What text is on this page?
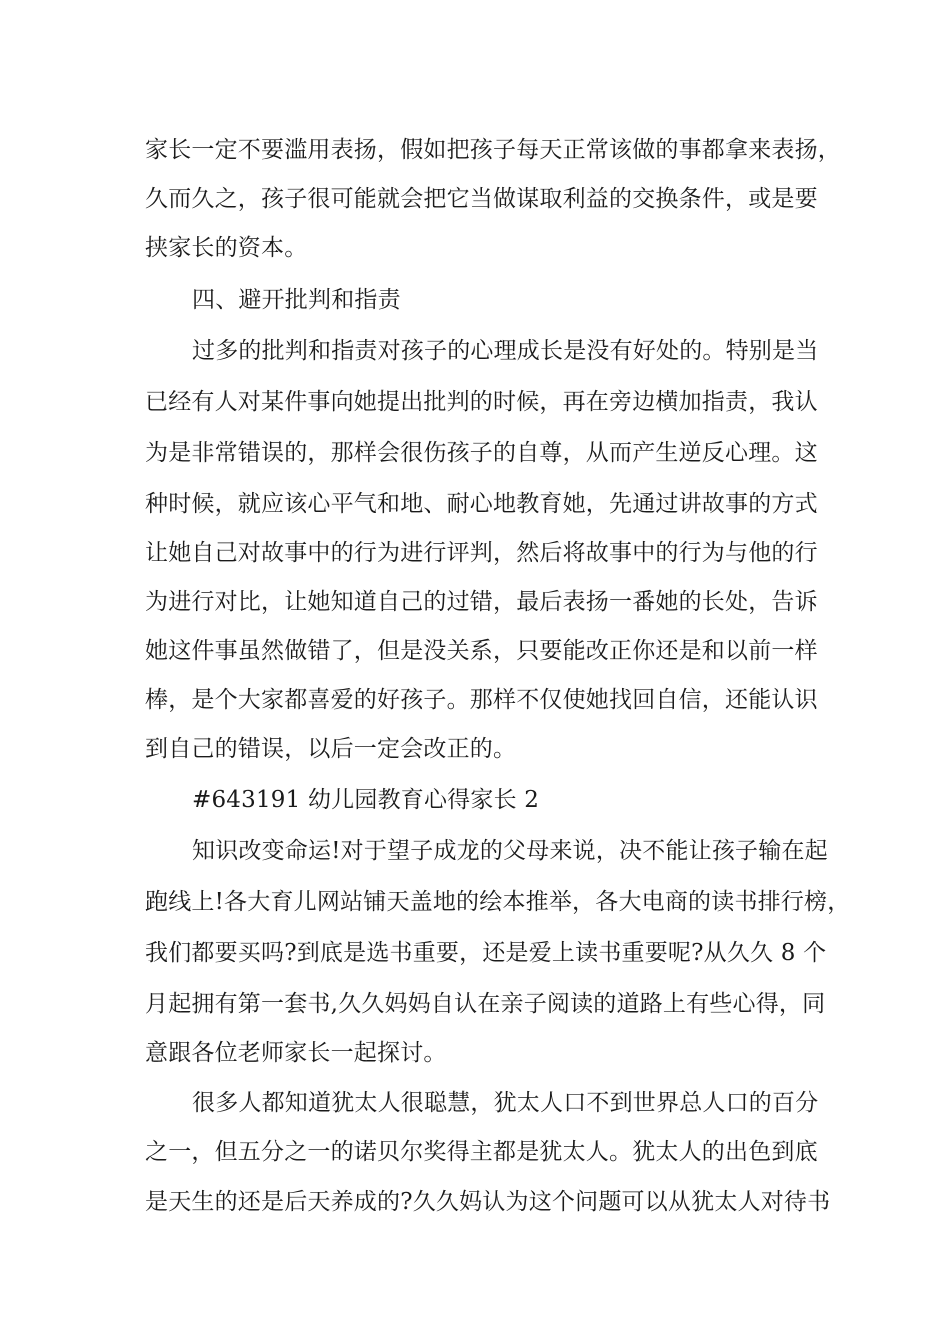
家长一定不要滥用表扬，假如把孩子每天正常该做的事都拿来表扬，
久而久之，孩子很可能就会把它当做谋取利益的交换条件，或是要
挟家长的资本。
四、避开批判和指责
过多的批判和指责对孩子的心理成长是没有好处的。特别是当
已经有人对某件事向她提出批判的时候，再在旁边横加指责，我认
为是非常错误的，那样会很伤孩子的自尊，从而产生逆反心理。这
种时候，就应该心平气和地、耐心地教育她，先通过讲故事的方式
让她自己对故事中的行为进行评判，然后将故事中的行为与他的行
为进行对比，让她知道自己的过错，最后表扬一番她的长处，告诉
她这件事虽然做错了，但是没关系，只要能改正你还是和以前一样
棒，是个大家都喜爱的好孩子。那样不仅使她找回自信，还能认识
到自己的错误，以后一定会改正的。
#643191 幼儿园教育心得家长 2
知识改变命运!对于望子成龙的父母来说，决不能让孩子输在起
跑线上!各大育儿网站铺天盖地的绘本推举，各大电商的读书排行榜，
我们都要买吗?到底是选书重要，还是爱上读书重要呢?从久久 8 个
月起拥有第一套书,久久妈妈自认在亲子阅读的道路上有些心得，同
意跟各位老师家长一起探讨。
很多人都知道犹太人很聪慧，犹太人口不到世界总人口的百分
之一，但五分之一的诺贝尔奖得主都是犹太人。犹太人的出色到底
是天生的还是后天养成的?久久妈认为这个问题可以从犹太人对待书
